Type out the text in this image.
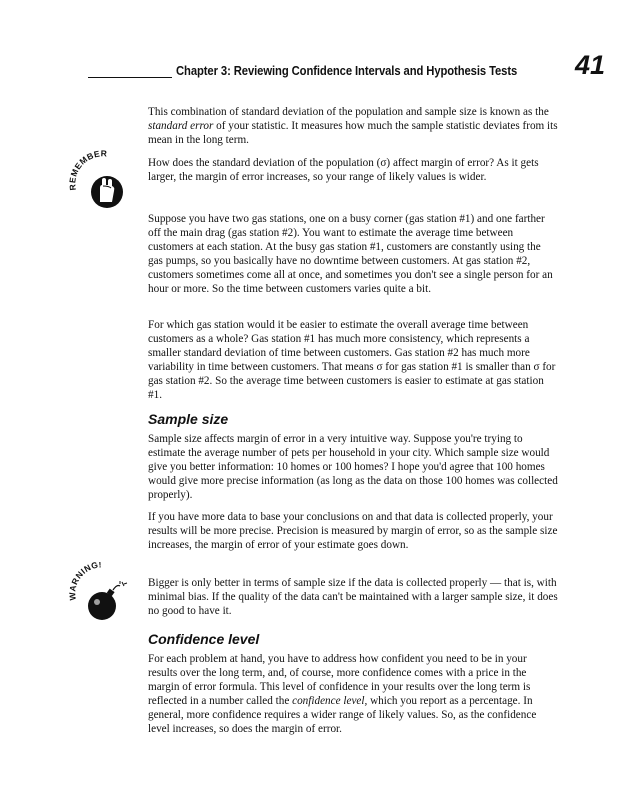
Chapter 3: Reviewing Confidence Intervals and Hypothesis Tests 41

This combination of standard deviation of the population and sample size is known as the standard error of your statistic. It measures how much the sample statistic deviates from its mean in the long term.

REMEMBER

How does the standard deviation of the population (σ) affect margin of error? As it gets larger, the margin of error increases, so your range of likely values is wider.

Suppose you have two gas stations, one on a busy corner (gas station #1) and one farther off the main drag (gas station #2). You want to estimate the average time between customers at each station. At the busy gas station #1, customers are constantly using the gas pumps, so you basically have no downtime between customers. At gas station #2, customers sometimes come all at once, and sometimes you don't see a single person for an hour or more. So the time between customers varies quite a bit.

For which gas station would it be easier to estimate the overall average time between customers as a whole? Gas station #1 has much more consistency, which represents a smaller standard deviation of time between customers. Gas station #2 has much more variability in time between customers. That means σ for gas station #1 is smaller than σ for gas station #2. So the average time between customers is easier to estimate at gas station #1.

Sample size

Sample size affects margin of error in a very intuitive way. Suppose you're trying to estimate the average number of pets per household in your city. Which sample size would give you better information: 10 homes or 100 homes? I hope you'd agree that 100 homes would give more precise information (as long as the data on those 100 homes was collected properly).

If you have more data to base your conclusions on and that data is collected properly, your results will be more precise. Precision is measured by margin of error, so as the sample size increases, the margin of error of your estimate goes down.

WARNING!

Bigger is only better in terms of sample size if the data is collected properly — that is, with minimal bias. If the quality of the data can't be maintained with a larger sample size, it does no good to have it.

Confidence level

For each problem at hand, you have to address how confident you need to be in your results over the long term, and, of course, more confidence comes with a price in the margin of error formula. This level of confidence in your results over the long term is reflected in a number called the confidence level, which you report as a percentage. In general, more confidence requires a wider range of likely values. So, as the confidence level increases, so does the margin of error.
